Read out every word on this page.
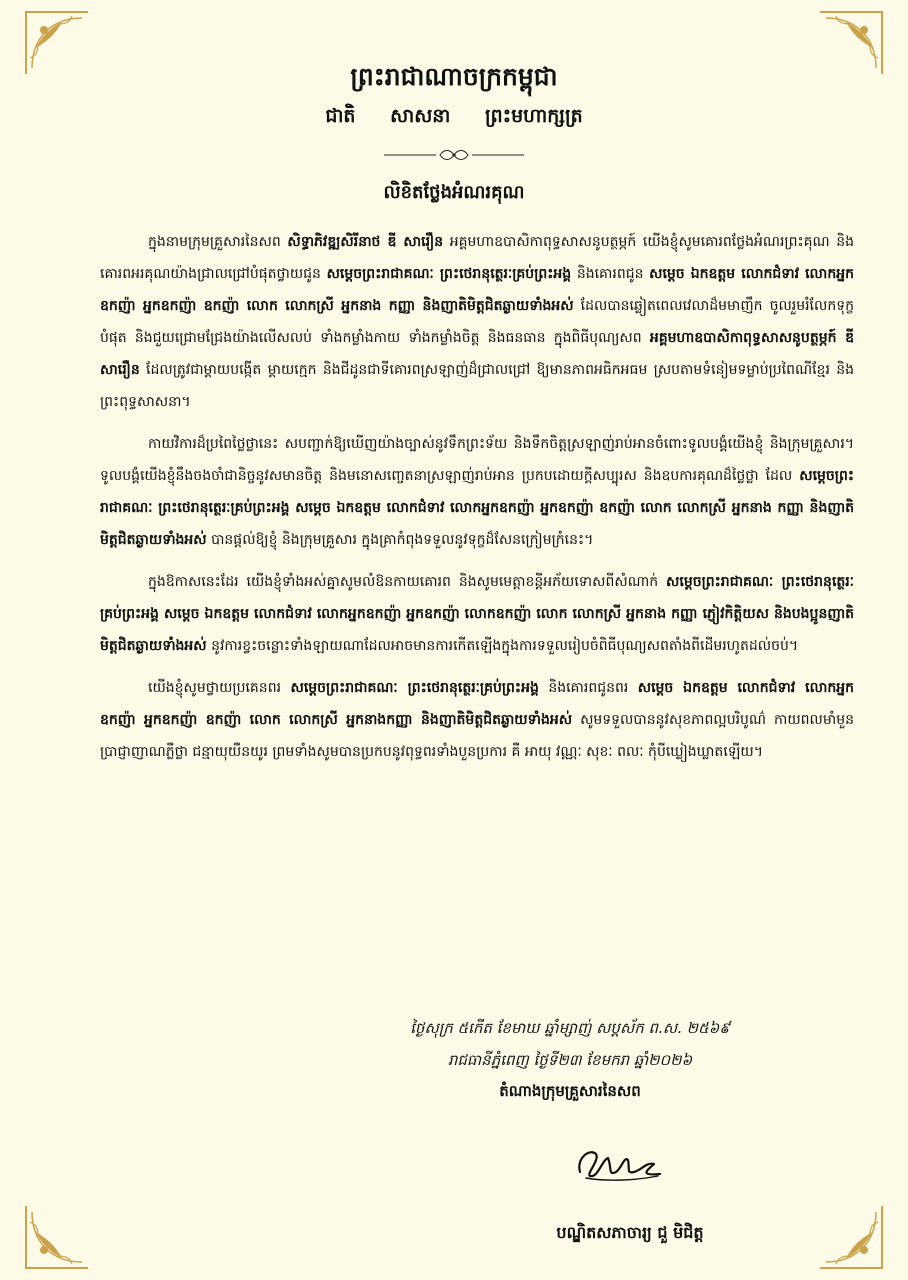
ព្រះរាជាណាចក្រកម្ពុជា
ជាតិ សាសនា ព្រះមហាក្សត្រ
លិខិតថ្លែងអំណរគុណ

ក្នុងនាមក្រុមគ្រួសារនៃសព សិទ្ធាភិវឌ្ឍសិរីនាថ ឌី សារឿន អគ្គមហាឧបាសិកាពុទ្ធសាសនូបត្ថម្ភក៍ យើងខ្ញុំសូមគោរពថ្លែងអំណរព្រះគុណ និងគោរពអរគុណយ៉ាងជ្រាលជ្រៅបំផុតថ្វាយជូន សម្តេចព្រះរាជាគណៈ ព្រះថេរានុត្ថេរៈគ្រប់ព្រះអង្គ និងគោរពជូន សម្តេច ឯកឧត្តម លោកជំទាវ លោកអ្នកឧកញ៉ា អ្នកឧកញ៉ា ឧកញ៉ា លោក លោកស្រី អ្នកនាង កញ្ញា និងញាតិមិត្តជិតឆ្ងាយទាំងអស់ ដែលបានឆ្លៀតពេលវេលាដ៏មមាញឹក ចូលរួមរំលែកទុក្ខបំផុត និងជួយជ្រោមជ្រែងយ៉ាងលើសលប់ ទាំងកម្លាំងកាយ ទាំងកម្លាំងចិត្ត និងធនធាន ក្នុងពិធីបុណ្យសព អគ្គមហាឧបាសិកាពុទ្ធសាសនូបត្ថម្ភក៍ ឌី សារឿន ដែលត្រូវជាម្តាយបង្កើត ម្តាយក្មេក និងជីដូនជាទីគោរពស្រឡាញ់ដ៏ជ្រាលជ្រៅ ឱ្យមានភាពអធិកអធម ស្របតាមទំនៀមទម្លាប់ប្រពៃណីខ្មែរ និងព្រះពុទ្ធសាសនា។

កាយវិការដ៏ប្រពៃថ្លៃថ្លានេះ សបញ្ជាក់ឱ្យឃើញយ៉ាងច្បាស់នូវទឹកព្រះទ័យ និងទឹកចិត្តស្រឡាញ់រាប់អានចំពោះទូលបង្គំយើងខ្ញុំ និងក្រុមគ្រួសារ។ ទូលបង្គំយើងខ្ញុំនឹងចងចាំជានិច្ចនូវសមានចិត្ត និងមនោសញ្ចេតនាស្រឡាញ់រាប់អាន ប្រកបដោយក្តីសប្បុរស និងឧបការគុណដ៏ថ្លៃថ្លា ដែល សម្តេចព្រះរាជាគណៈ ព្រះថេរានុត្ថេរៈគ្រប់ព្រះអង្គ សម្តេច ឯកឧត្តម លោកជំទាវ លោកអ្នកឧកញ៉ា អ្នកឧកញ៉ា ឧកញ៉ា លោក លោកស្រី អ្នកនាង កញ្ញា និងញាតិមិត្តជិតឆ្ងាយទាំងអស់ បានផ្តល់ឱ្យខ្ញុំ និងក្រុមគ្រួសារ ក្នុងគ្រាកំពុងទទួលនូវទុក្ខដ៏សែនក្រៀមក្រំនេះ។

ក្នុងឱកាសនេះដែរ យើងខ្ញុំទាំងអស់គ្នាសូមលំឱនកាយគោរព និងសូមមេត្តាខន្តីអភ័យទោសពីសំណាក់ សម្តេចព្រះរាជាគណៈ ព្រះថេរានុត្ថេរៈគ្រប់ព្រះអង្គ សម្តេច ឯកឧត្តម លោកជំទាវ លោកអ្នកឧកញ៉ា អ្នកឧកញ៉ា លោកឧកញ៉ា លោក លោកស្រី អ្នកនាង កញ្ញា ភ្ញៀវកិត្តិយស និងបងប្អូនញាតិមិត្តជិតឆ្ងាយទាំងអស់ នូវការខ្វះចន្លោះទាំងឡាយណាដែលអាចមានការកើតឡើងក្នុងការទទួលរៀបចំពិធីបុណ្យសពតាំងពីដើមរហូតដល់ចប់។

យើងខ្ញុំសូមថ្វាយប្រគេនពរ សម្តេចព្រះរាជាគណៈ ព្រះថេរានុត្ថេរៈគ្រប់ព្រះអង្គ និងគោរពជូនពរ សម្តេច ឯកឧត្តម លោកជំទាវ លោកអ្នកឧកញ៉ា អ្នកឧកញ៉ា ឧកញ៉ា លោក លោកស្រី អ្នកនាងកញ្ញា និងញាតិមិត្តជិតឆ្ងាយទាំងអស់ សូមទទួលបាននូវសុខភាពល្អបរិបូណ៌ កាយពលមាំមួន ប្រាជ្ញាញាណភ្លឺថ្លា ជន្មាយុយឺនយូរ ព្រមទាំងសូមបានប្រកបនូវពុទ្ធពរទាំងបួនប្រការ គឺ អាយុ វណ្ណៈ សុខៈ ពលៈ កុំបីឃ្លៀងឃ្លាតឡើយ។

ថ្ងៃសុក្រ ៥កើត ខែមាឃ ឆ្នាំម្សាញ់ សប្តស័ក ព.ស. ២៥៦៩
រាជធានីភ្នំពេញ ថ្ងៃទី២៣ ខែមករា ឆ្នាំ២០២៦
តំណាងក្រុមគ្រួសារនៃសព
បណ្ឌិតសភាចារ្យ ជួ មិជិត្ត
